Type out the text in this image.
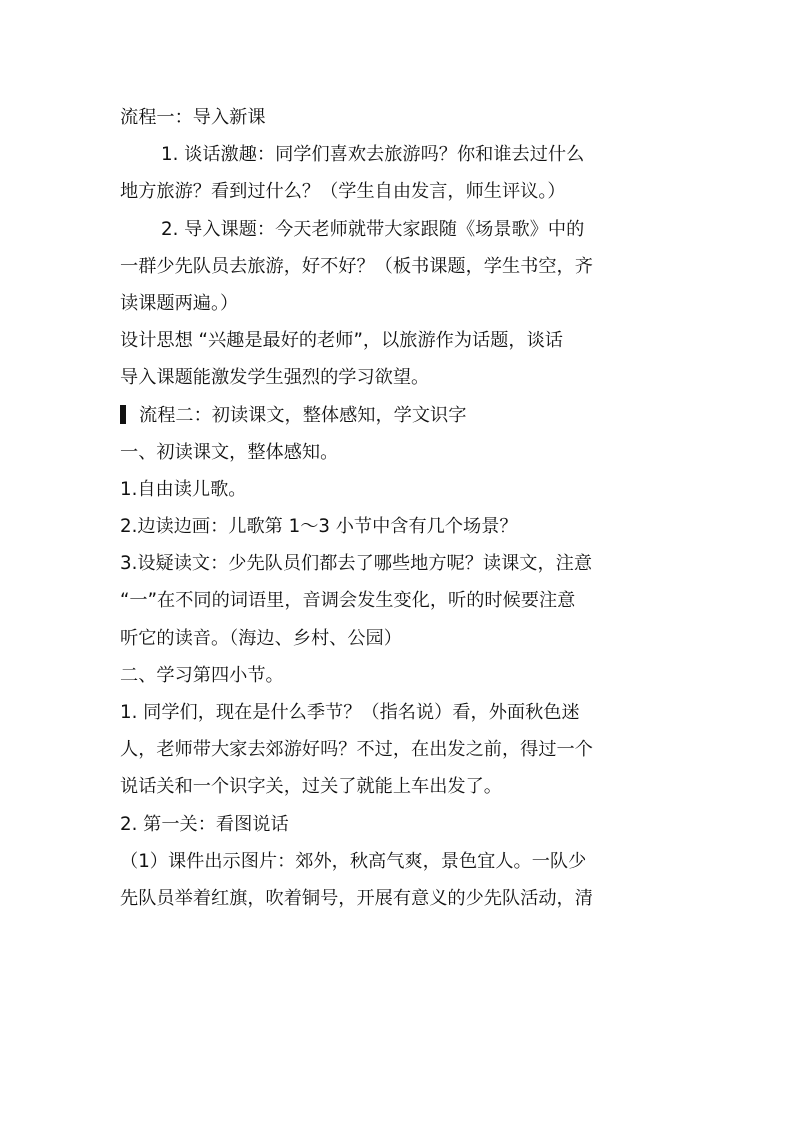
流程一：导入新课
1. 谈话激趣：同学们喜欢去旅游吗？你和谁去过什么
地方旅游？看到过什么？（学生自由发言，师生评议。）
2. 导入课题：今天老师就带大家跟随《场景歌》中的
一群少先队员去旅游，好不好？（板书课题，学生书空，齐
读课题两遍。）
设计思想 “兴趣是最好的老师”，以旅游作为话题，谈话
导入课题能激发学生强烈的学习欲望。
流程二：初读课文，整体感知，学文识字
一、初读课文，整体感知。
1.自由读儿歌。
2.边读边画：儿歌第 1～3 小节中含有几个场景？
3.设疑读文：少先队员们都去了哪些地方呢？读课文，注意
“一”在不同的词语里，音调会发生变化，听的时候要注意
听它的读音。（海边、乡村、公园）
二、学习第四小节。
1. 同学们，现在是什么季节？（指名说）看，外面秋色迷
人，老师带大家去郊游好吗？不过，在出发之前，得过一个
说话关和一个识字关，过关了就能上车出发了。
2. 第一关：看图说话
（1）课件出示图片：郊外，秋高气爽，景色宜人。一队少
先队员举着红旗，吹着铜号，开展有意义的少先队活动，清
